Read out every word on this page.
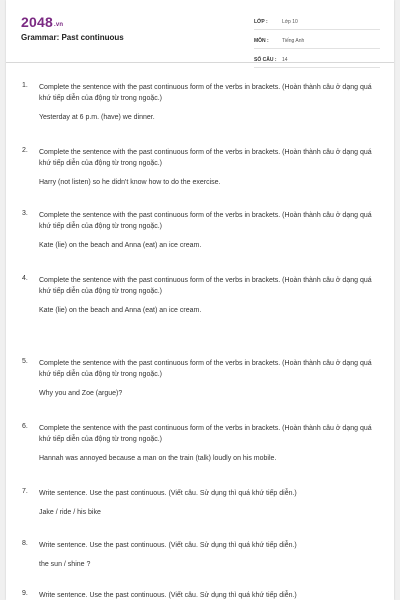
2048.vn
Grammar: Past continuous
LỚP :	Lớp 10
MÔN :	Tiếng Anh
SỐ CÂU :	14
1. Complete the sentence with the past continuous form of the verbs in brackets. (Hoàn thành câu ở dạng quá khứ tiếp diễn của động từ trong ngoặc.)
Yesterday at 6 p.m. (have) we dinner.
2. Complete the sentence with the past continuous form of the verbs in brackets. (Hoàn thành câu ở dạng quá khứ tiếp diễn của động từ trong ngoặc.)
Harry (not listen) so he didn't know how to do the exercise.
3. Complete the sentence with the past continuous form of the verbs in brackets. (Hoàn thành câu ở dạng quá khứ tiếp diễn của động từ trong ngoặc.)
Kate (lie) on the beach and Anna (eat) an ice cream.
4. Complete the sentence with the past continuous form of the verbs in brackets. (Hoàn thành câu ở dạng quá khứ tiếp diễn của động từ trong ngoặc.)
Kate (lie) on the beach and Anna (eat) an ice cream.
5. Complete the sentence with the past continuous form of the verbs in brackets. (Hoàn thành câu ở dạng quá khứ tiếp diễn của động từ trong ngoặc.)
Why you and Zoe (argue)?
6. Complete the sentence with the past continuous form of the verbs in brackets. (Hoàn thành câu ở dạng quá khứ tiếp diễn của động từ trong ngoặc.)
Hannah was annoyed because a man on the train (talk) loudly on his mobile.
7. Write sentence. Use the past continuous. (Viết câu. Sử dụng thì quá khứ tiếp diễn.)
Jake / ride / his bike
8. Write sentence. Use the past continuous. (Viết câu. Sử dụng thì quá khứ tiếp diễn.)
the sun / shine ?
9. Write sentence. Use the past continuous. (Viết câu. Sử dụng thì quá khứ tiếp diễn.)
